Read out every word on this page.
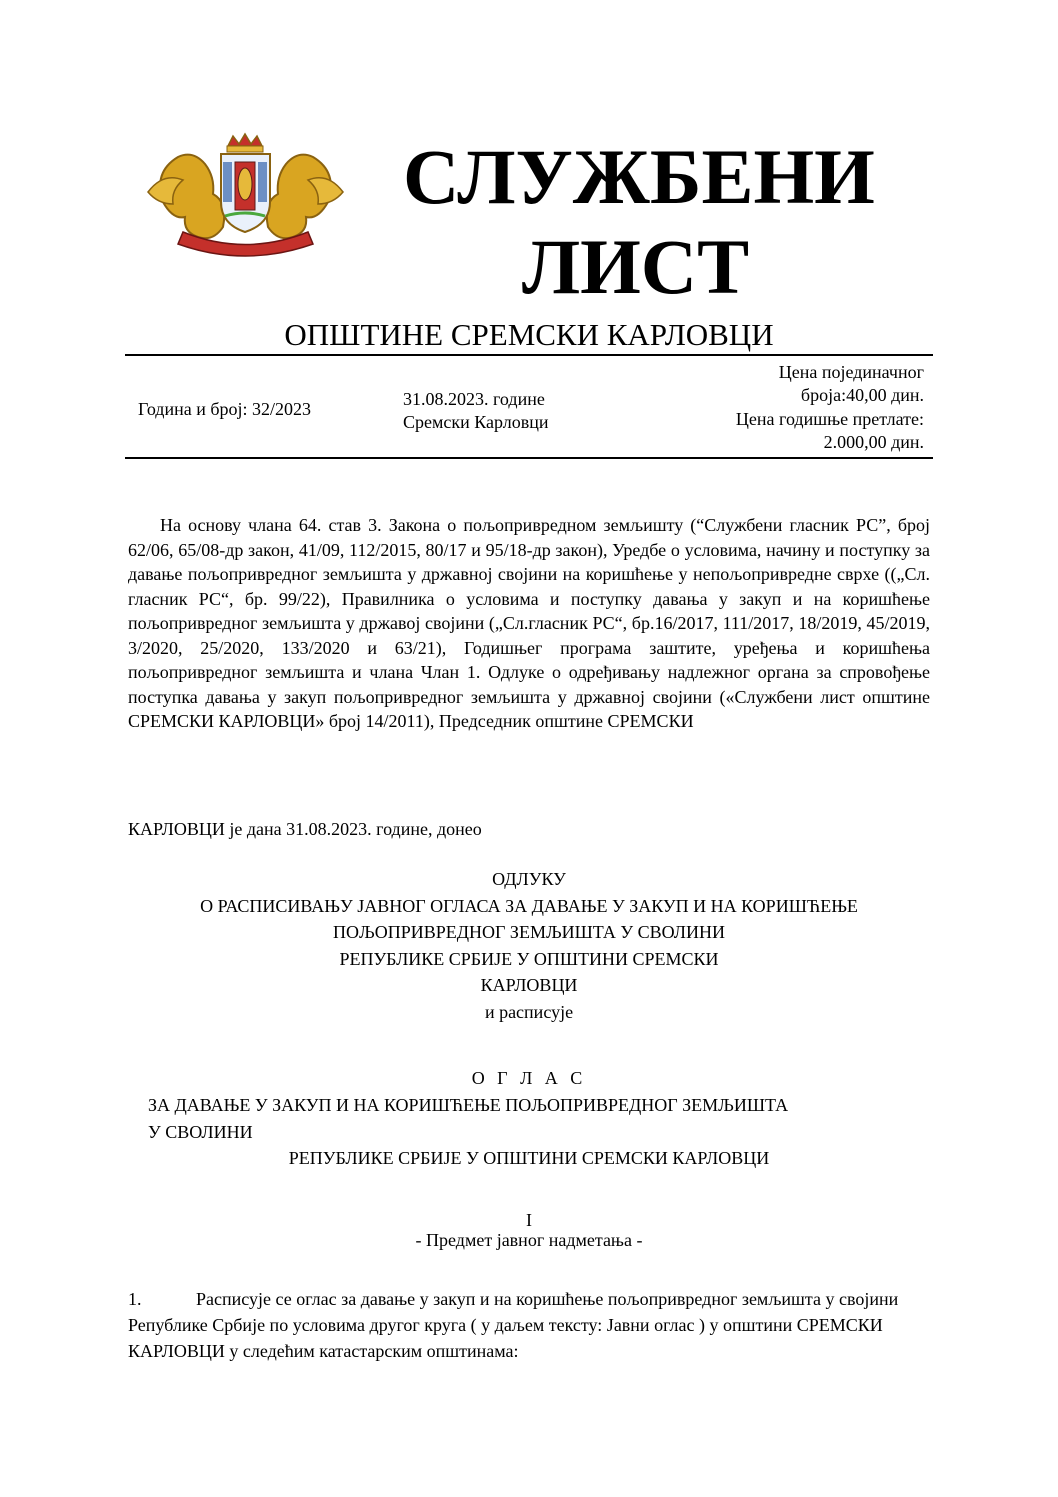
СЛУЖБЕНИ
ЛИСТ
ОПШТИНЕ СРЕМСКИ КАРЛОВЦИ
Година и број: 32/2023	31.08.2023. године
Сремски Карловци
Цена појединачног
броја:40,00 дин.
Цена годишње претлате:
2.000,00 дин.

На основу члана 64. став 3. Закона о пољопривредном земљишту (“Службени гласник РС”, број 62/06, 65/08-др закон, 41/09, 112/2015, 80/17 и 95/18-др закон), Уредбе о условима, начину и поступку за давање пољопривредног земљишта у државној својини на коришћење у непољопривредне сврхе ((„Сл. гласник РС“, бр. 99/22), Правилника о условима и поступку давања у закуп и на коришћење пољопривредног земљишта у државој својини („Сл.гласник РС“, бр.16/2017, 111/2017, 18/2019, 45/2019, 3/2020, 25/2020, 133/2020 и 63/21), Годишњег програма заштите, уређења и коришћења пољопривредног земљишта и члана Члан 1. Одлуке о одређивању надлежног органа за спровођење поступка давања у закуп пољопривредног земљишта у државној својини («Службени лист општине СРЕМСКИ КАРЛОВЦИ» број 14/2011), Председник општине СРЕМСКИ

КАРЛОВЦИ је дана 31.08.2023. године, донео
ОДЛУКУ
О РАСПИСИВАЊУ ЈАВНОГ ОГЛАСА ЗА ДАВАЊЕ У ЗАКУП И НА КОРИШЋЕЊЕ
ПОЉОПРИВРЕДНОГ ЗЕМЉИШТА У СВОЛИНИ
РЕПУБЛИКЕ СРБИЈЕ У ОПШТИНИ СРЕМСКИ
КАРЛОВЦИ
и расписује
О Г Л А С
ЗА ДАВАЊЕ У ЗАКУП И НА КОРИШЋЕЊЕ ПОЉОПРИВРЕДНОГ ЗЕМЉИШТА
У СВОЛИНИ
РЕПУБЛИКЕ СРБИЈЕ У ОПШТИНИ СРЕМСКИ КАРЛОВЦИ
I
- Предмет јавног надметања -

1.	Расписује се оглас за давање у закуп и на коришћење пољопривредног земљишта у својини Републике Србије по условима другог круга ( у даљем тексту: Јавни оглас ) у општини СРЕМСКИ КАРЛОВЦИ у следећим катастарским општинама:
